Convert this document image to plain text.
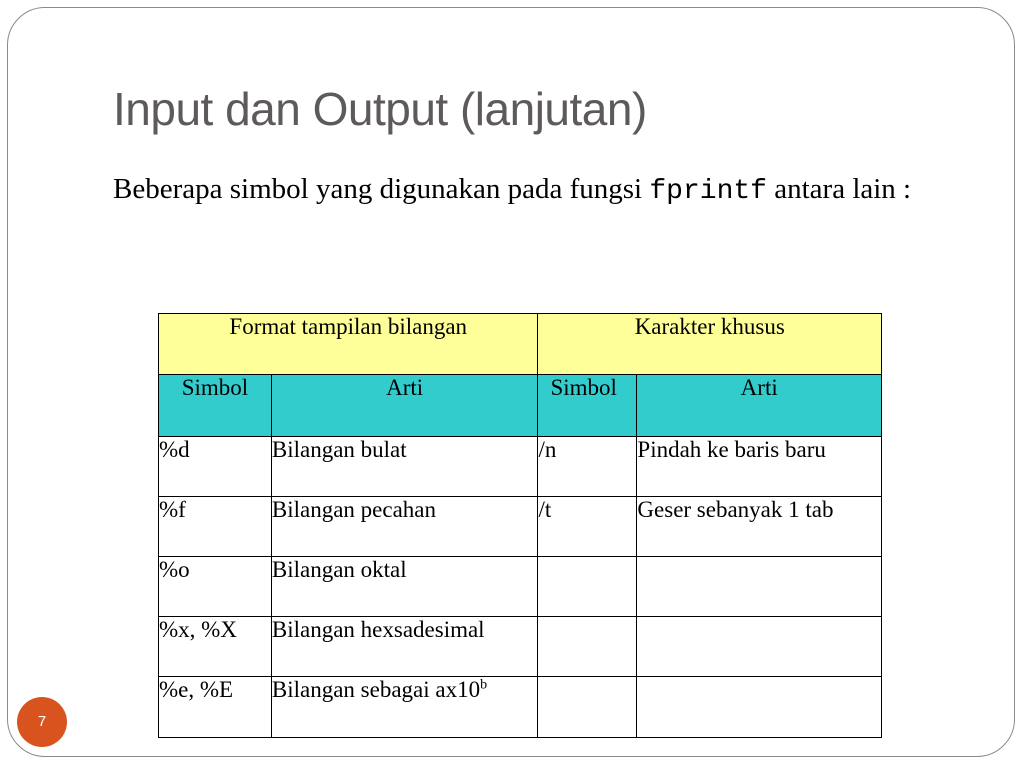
Input dan Output (lanjutan)

Beberapa simbol yang digunakan pada fungsi fprintf antara lain :

Format tampilan bilangan		Karakter khusus	
Simbol	Arti	Simbol	Arti
%d	Bilangan bulat	/n	Pindah ke baris baru
%f	Bilangan pecahan	/t	Geser sebanyak 1 tab
%o	Bilangan oktal		
%x, %X	Bilangan hexsadesimal		
%e, %E	Bilangan sebagai ax10$^b$		
7
